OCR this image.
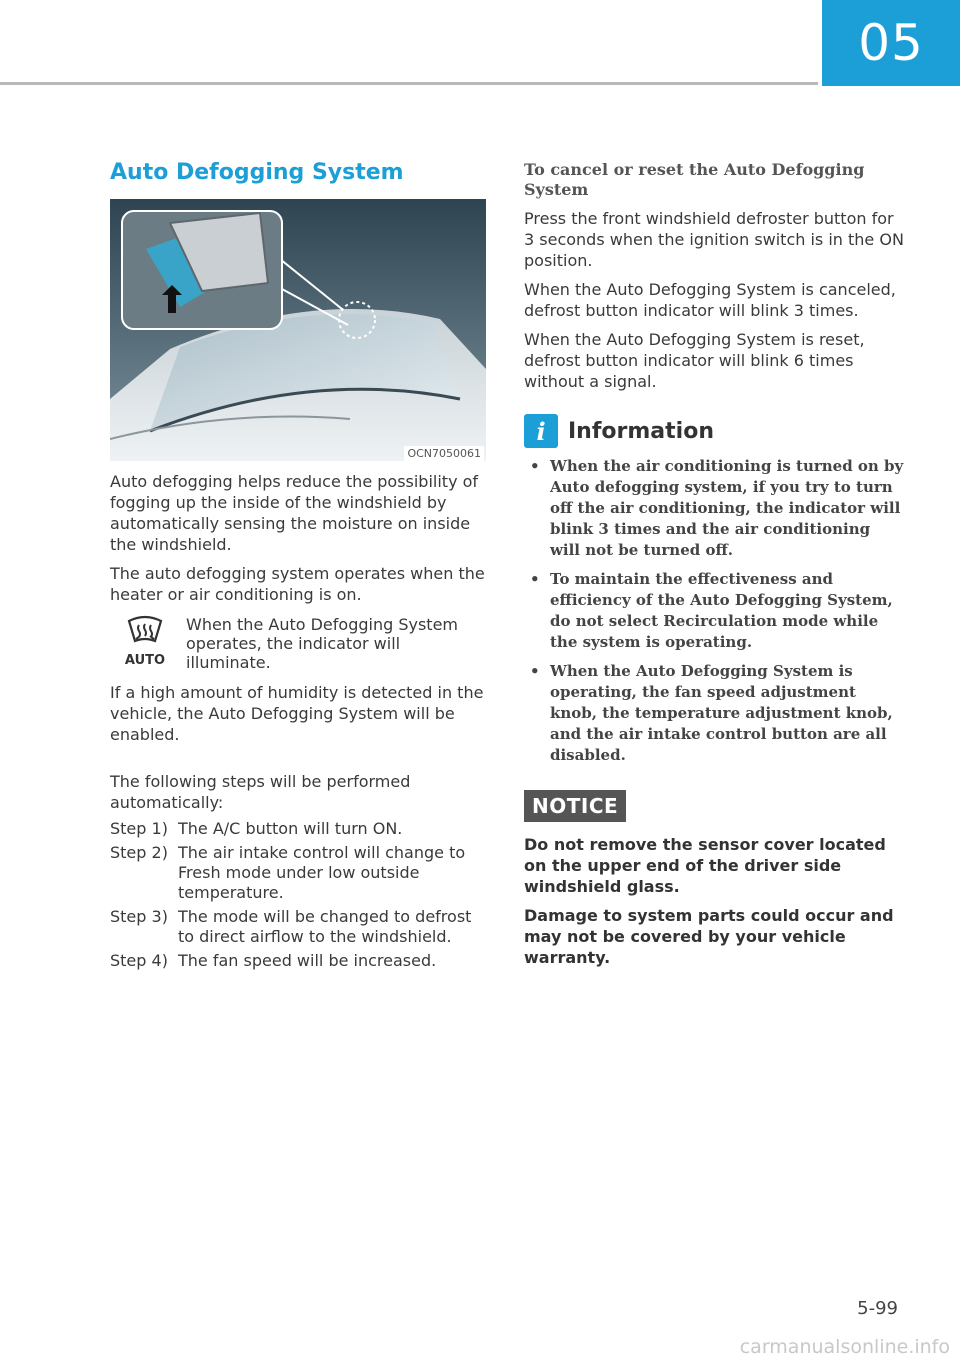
05
Auto Defogging System
OCN7050061

Auto defogging helps reduce the possibility of fogging up the inside of the windshield by automatically sensing the moisture on inside the windshield.

The auto defogging system operates when the heater or air conditioning is on.

AUTO
When the Auto Defogging System operates, the indicator will illuminate.

If a high amount of humidity is detected in the vehicle, the Auto Defogging System will be enabled.

The following steps will be performed automatically:

Step 1) The A/C button will turn ON.
Step 2) The air intake control will change to Fresh mode under low outside temperature.
Step 3) The mode will be changed to defrost to direct airflow to the windshield.
Step 4) The fan speed will be increased.
To cancel or reset the Auto Defogging System

Press the front windshield defroster button for 3 seconds when the ignition switch is in the ON position.

When the Auto Defogging System is canceled, defrost button indicator will blink 3 times.

When the Auto Defogging System is reset, defrost button indicator will blink 6 times without a signal.

i	Information
• When the air conditioning is turned on by Auto defogging system, if you try to turn off the air conditioning, the indicator will blink 3 times and the air conditioning will not be turned off.
• To maintain the effectiveness and efficiency of the Auto Defogging System, do not select Recirculation mode while the system is operating.
• When the Auto Defogging System is operating, the fan speed adjustment knob, the temperature adjustment knob, and the air intake control button are all disabled.
NOTICE
Do not remove the sensor cover located on the upper end of the driver side windshield glass.
Damage to system parts could occur and may not be covered by your vehicle warranty.
5-99
carmanualsonline.info
